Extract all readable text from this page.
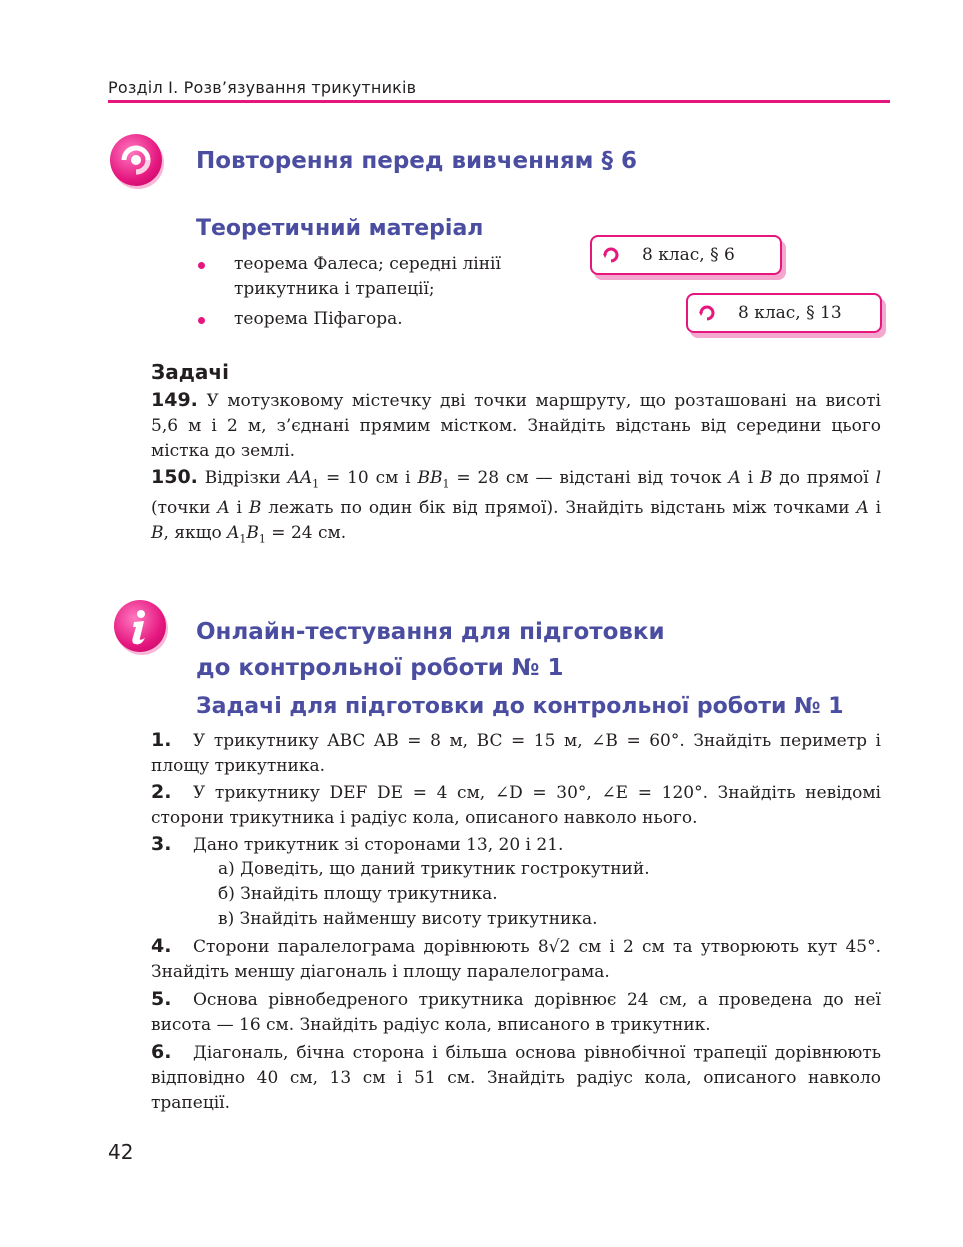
Розділ І. Розв’язування трикутників
Повторення перед вивченням § 6
Теоретичний матеріал
теорема Фалеса; середні лінії трикутника і трапеції;
теорема Піфагора.
8 клас, § 6
8 клас, § 13
Задачі
149. У мотузковому містечку дві точки маршруту, що розташовані на висоті 5,6 м і 2 м, з’єднані прямим містком. Знайдіть відстань від середини цього містка до землі.
150. Відрізки $AA_1 = 10$ см і $BB_1 = 28$ см — відстані від точок A і B до прямої l (точки A і B лежать по один бік від прямої). Знайдіть відстань між точками A і B, якщо $A_1B_1 = 24$ см.
Онлайн-тестування для підготовки
до контрольної роботи № 1
Задачі для підготовки до контрольної роботи № 1
1. У трикутнику ABC AB = 8 м, BC = 15 м, ∠B = 60°. Знайдіть периметр і площу трикутника.
2. У трикутнику DEF DE = 4 см, ∠D = 30°, ∠E = 120°. Знайдіть невідомі сторони трикутника і радіус кола, описаного навколо нього.
3. Дано трикутник зі сторонами 13, 20 і 21.
а) Доведіть, що даний трикутник гострокутний.
б) Знайдіть площу трикутника.
в) Знайдіть найменшу висоту трикутника.
4. Сторони паралелограма дорівнюють 8√2 см і 2 см та утворюють кут 45°. Знайдіть меншу діагональ і площу паралелограма.
5. Основа рівнобедреного трикутника дорівнює 24 см, а проведена до неї висота — 16 см. Знайдіть радіус кола, вписаного в трикутник.
6. Діагональ, бічна сторона і більша основа рівнобічної трапеції дорівнюють відповідно 40 см, 13 см і 51 см. Знайдіть радіус кола, описаного навколо трапеції.
42
